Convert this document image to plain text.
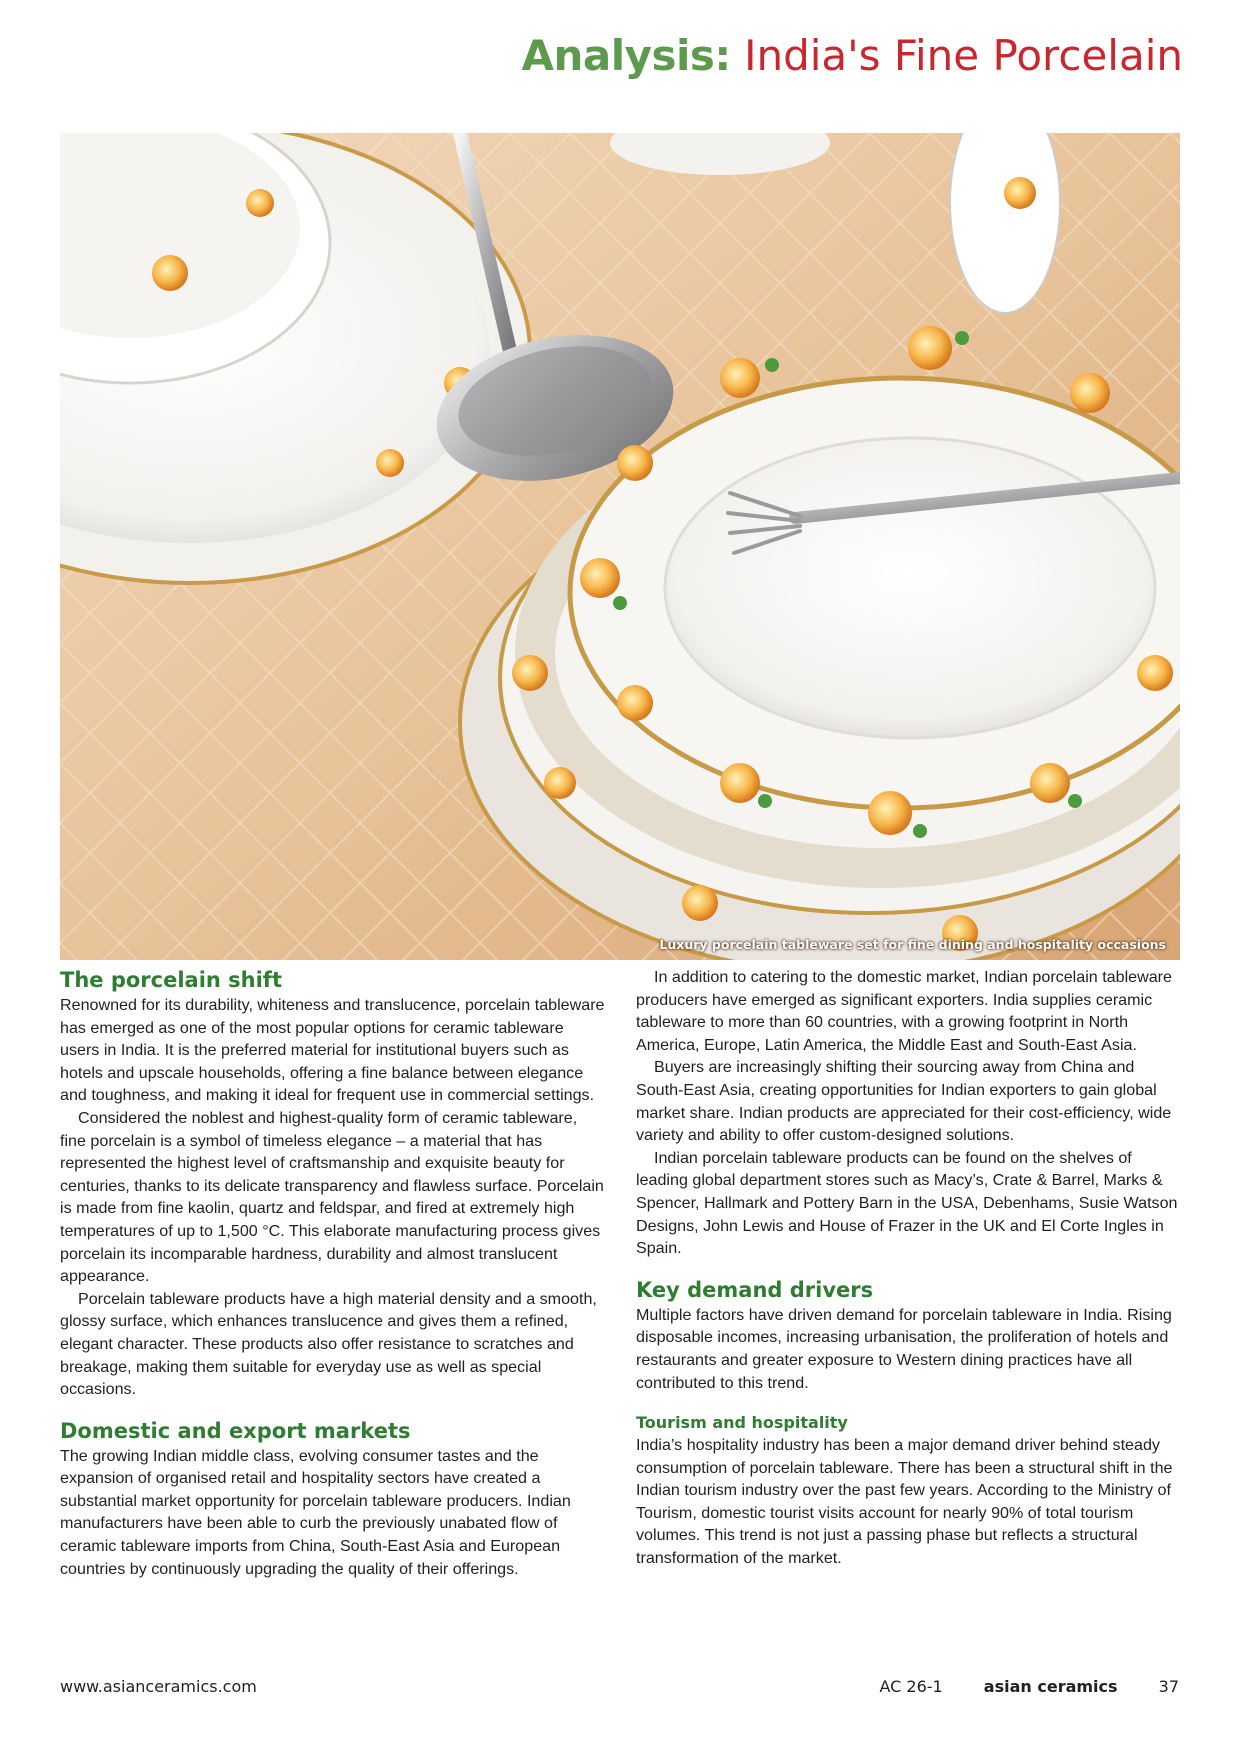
Analysis: India's Fine Porcelain
Luxury porcelain tableware set for fine dining and hospitality occasions
The porcelain shift

Renowned for its durability, whiteness and translucence, porcelain tableware has emerged as one of the most popular options for ceramic tableware users in India. It is the preferred material for institutional buyers such as hotels and upscale households, offering a fine balance between elegance and toughness, and making it ideal for frequent use in commercial settings.

Considered the noblest and highest-quality form of ceramic tableware, fine porcelain is a symbol of timeless elegance – a material that has represented the highest level of craftsmanship and exquisite beauty for centuries, thanks to its delicate transparency and flawless surface. Porcelain is made from fine kaolin, quartz and feldspar, and fired at extremely high temperatures of up to 1,500 °C. This elaborate manufacturing process gives porcelain its incomparable hardness, durability and almost translucent appearance.

Porcelain tableware products have a high material density and a smooth, glossy surface, which enhances translucence and gives them a refined, elegant character. These products also offer resistance to scratches and breakage, making them suitable for everyday use as well as special occasions.

Domestic and export markets

The growing Indian middle class, evolving consumer tastes and the expansion of organised retail and hospitality sectors have created a substantial market opportunity for porcelain tableware producers. Indian manufacturers have been able to curb the previously unabated flow of ceramic tableware imports from China, South-East Asia and European countries by continuously upgrading the quality of their offerings.

In addition to catering to the domestic market, Indian porcelain tableware producers have emerged as significant exporters. India supplies ceramic tableware to more than 60 countries, with a growing footprint in North America, Europe, Latin America, the Middle East and South-East Asia.

Buyers are increasingly shifting their sourcing away from China and South-East Asia, creating opportunities for Indian exporters to gain global market share. Indian products are appreciated for their cost-efficiency, wide variety and ability to offer custom-designed solutions.

Indian porcelain tableware products can be found on the shelves of leading global department stores such as Macy’s, Crate & Barrel, Marks & Spencer, Hallmark and Pottery Barn in the USA, Debenhams, Susie Watson Designs, John Lewis and House of Frazer in the UK and El Corte Ingles in Spain.

Key demand drivers

Multiple factors have driven demand for porcelain tableware in India. Rising disposable incomes, increasing urbanisation, the proliferation of hotels and restaurants and greater exposure to Western dining practices have all contributed to this trend.

Tourism and hospitality

India’s hospitality industry has been a major demand driver behind steady consumption of porcelain tableware. There has been a structural shift in the Indian tourism industry over the past few years. According to the Ministry of Tourism, domestic tourist visits account for nearly 90% of total tourism volumes. This trend is not just a passing phase but reflects a structural transformation of the market.

www.asianceramics.com	AC 26-1	asian ceramics	37
